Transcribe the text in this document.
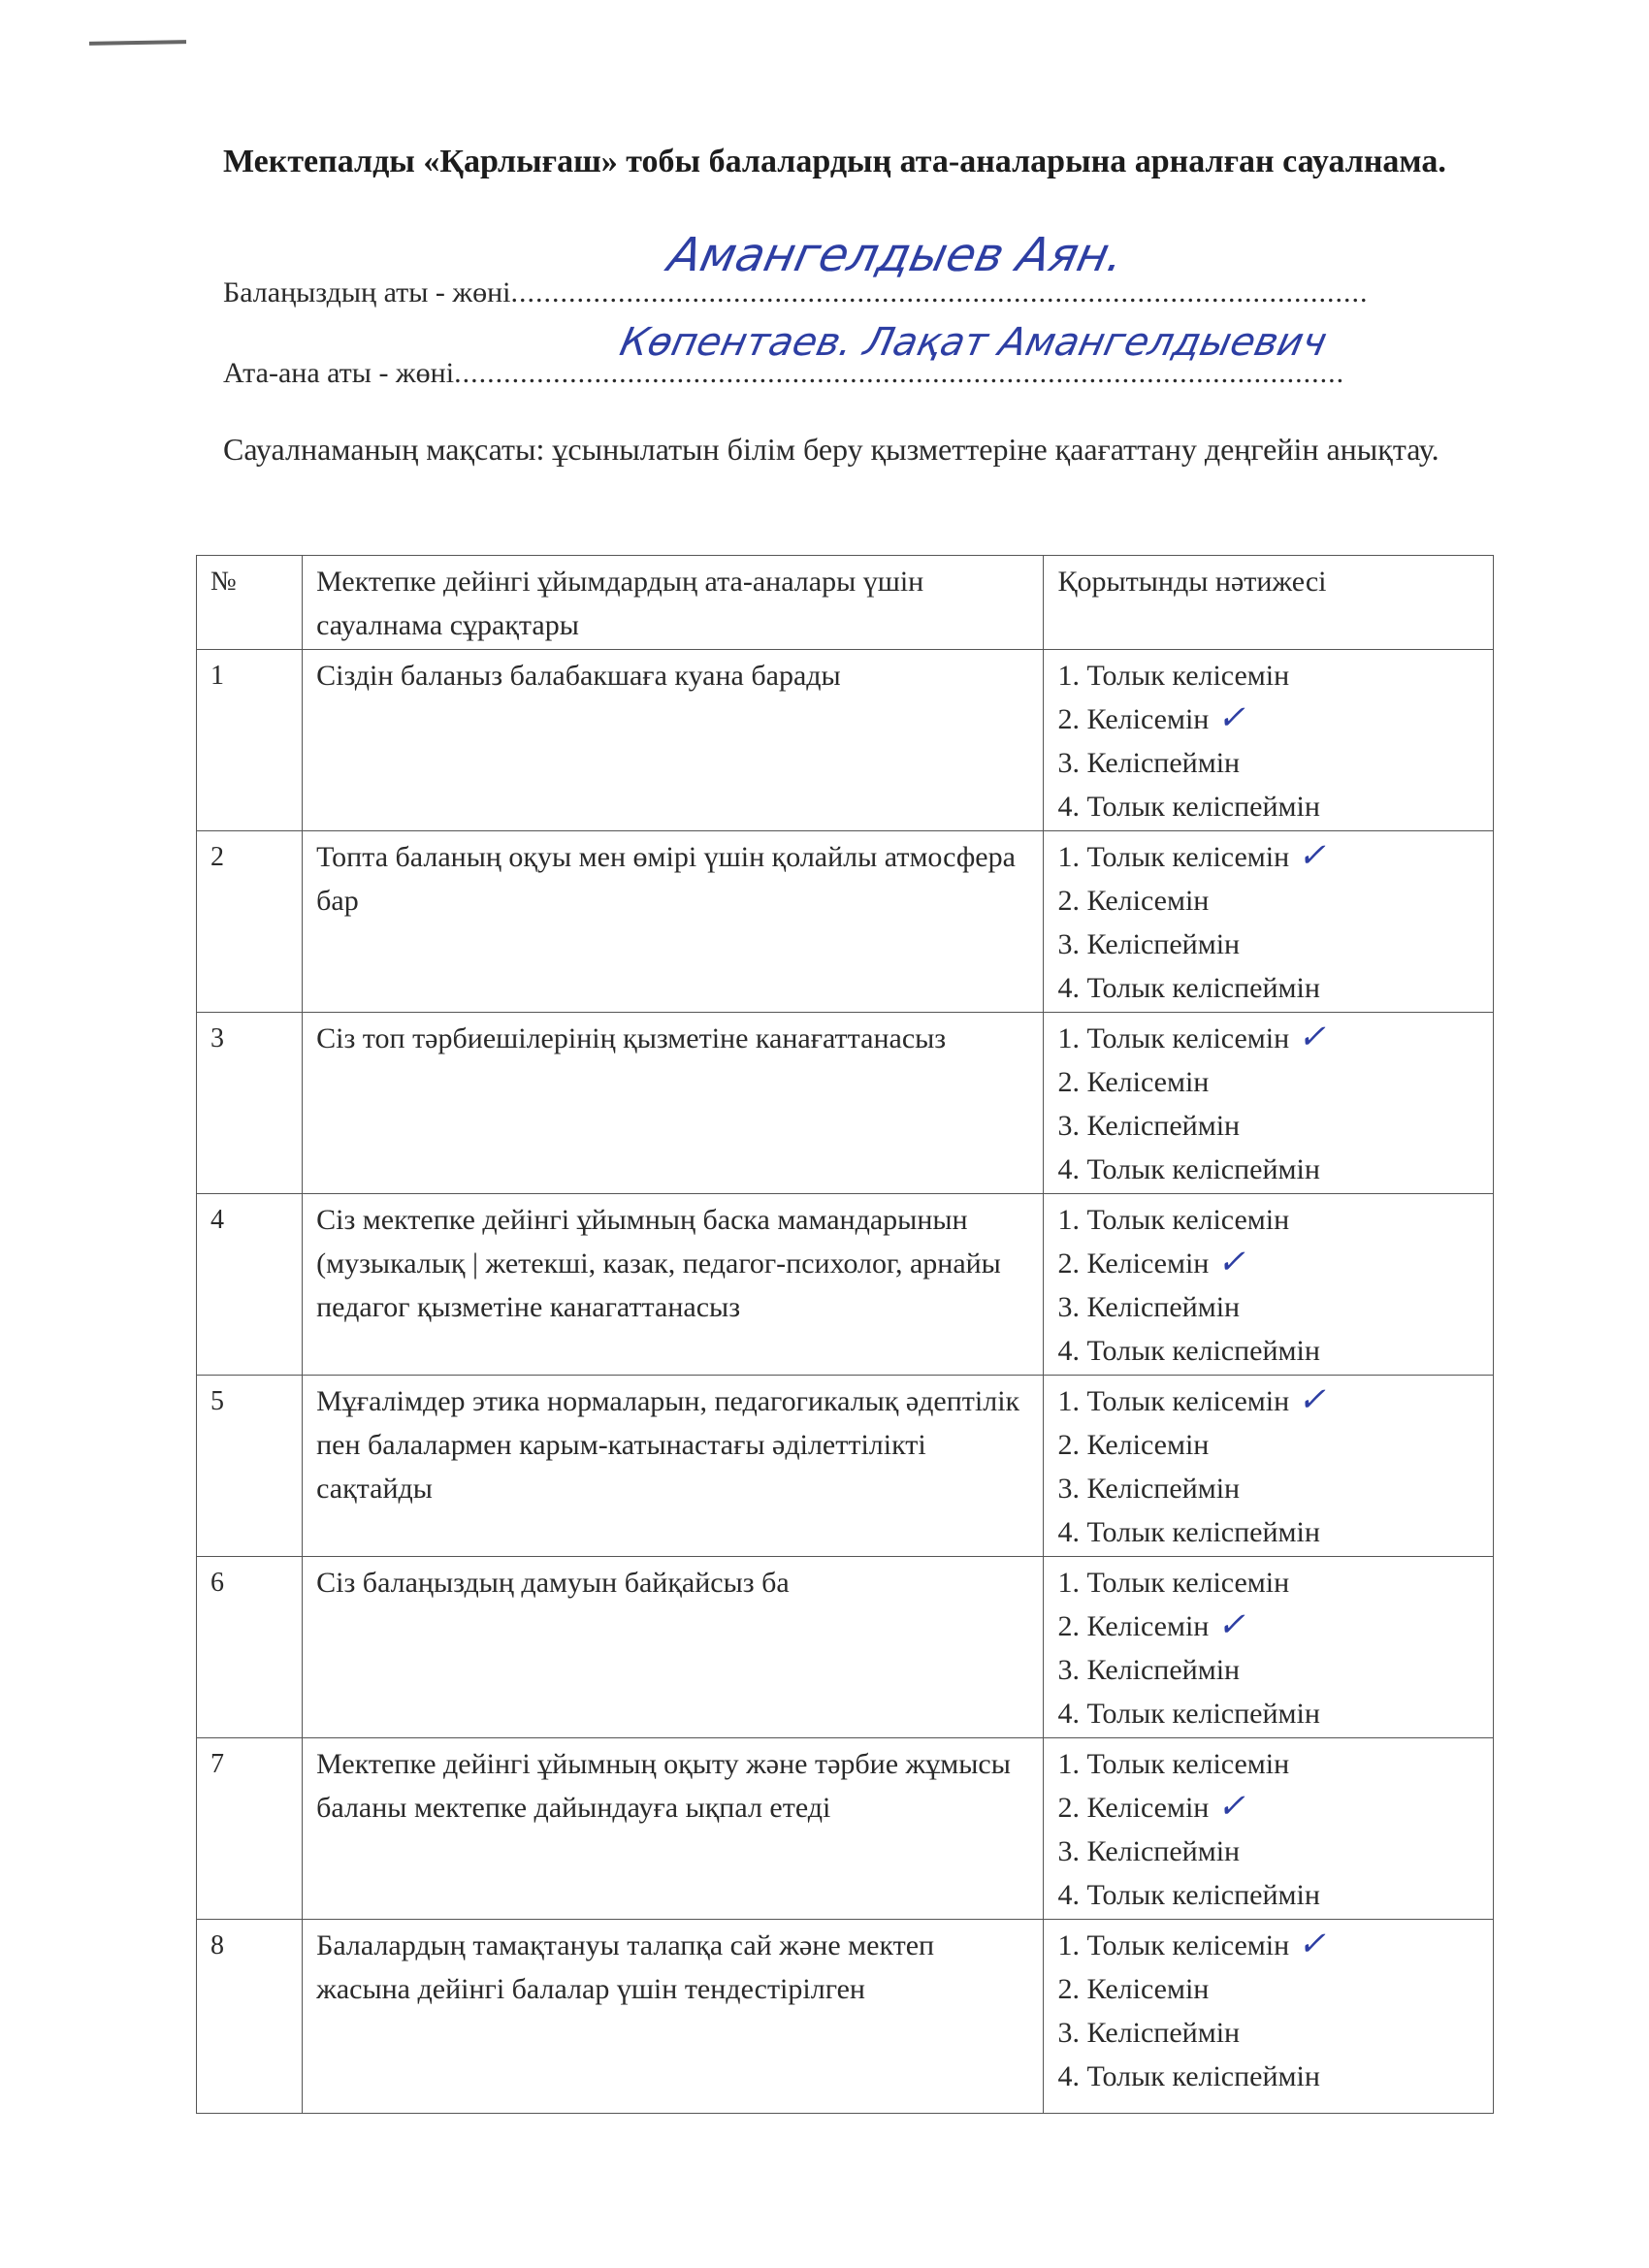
Мектепалды «Қарлығаш» тобы балалардың ата-аналарына арналған сауалнама.
Балаңыздың аты - жөні........................................................................................................
Амангелдыев Аян.
Ата-ана аты - жөні............................................................................................................
Көпентаев. Лақат Амангелдыевич
Сауалнаманың мақсаты: ұсынылатын білім беру қызметтеріне қаағаттану деңгейін анықтау.
№	Мектепке дейінгі ұйымдардың ата-аналары үшін сауалнама сұрақтары	Қорытынды нәтижесі
1	Сіздін баланыз балабакшаға куана барады	1. Толык келісемін
2. Келісемін ✓
3. Келіспеймін
4. Толык келіспеймін

2	Топта баланың оқуы мен өмірі үшін қолайлы атмосфера бар	1. Толык келісемін ✓
2. Келісемін
3. Келіспеймін
4. Толык келіспеймін

3	Сіз топ тәрбиешілерінің қызметіне канағаттанасыз	1. Толык келісемін ✓
2. Келісемін
3. Келіспеймін
4. Толык келіспеймін

4	Сіз мектепке дейінгі ұйымның баска мамандарынын (музыкалық | жетекші, казак, педагог-психолог, арнайы педагог қызметіне канагаттанасыз	1. Толык келісемін
2. Келісемін ✓
3. Келіспеймін
4. Толык келіспеймін

5	Мұғалімдер этика нормаларын, педагогикалық әдептілік пен балалармен карым-катынастағы әділеттілікті сақтайды	1. Толык келісемін ✓
2. Келісемін
3. Келіспеймін
4. Толык келіспеймін

6	Сіз балаңыздың дамуын байқайсыз ба	1. Толык келісемін
2. Келісемін ✓
3. Келіспеймін
4. Толык келіспеймін

7	Мектепке дейінгі ұйымның оқыту және тәрбие жұмысы баланы мектепке дайындауға ықпал етеді	1. Толык келісемін
2. Келісемін ✓
3. Келіспеймін
4. Толык келіспеймін

8	Балалардың тамақтануы талапқа сай және мектеп жасына дейінгі балалар үшін тендестірілген	1. Толык келісемін ✓
2. Келісемін
3. Келіспеймін
4. Толык келіспеймін
